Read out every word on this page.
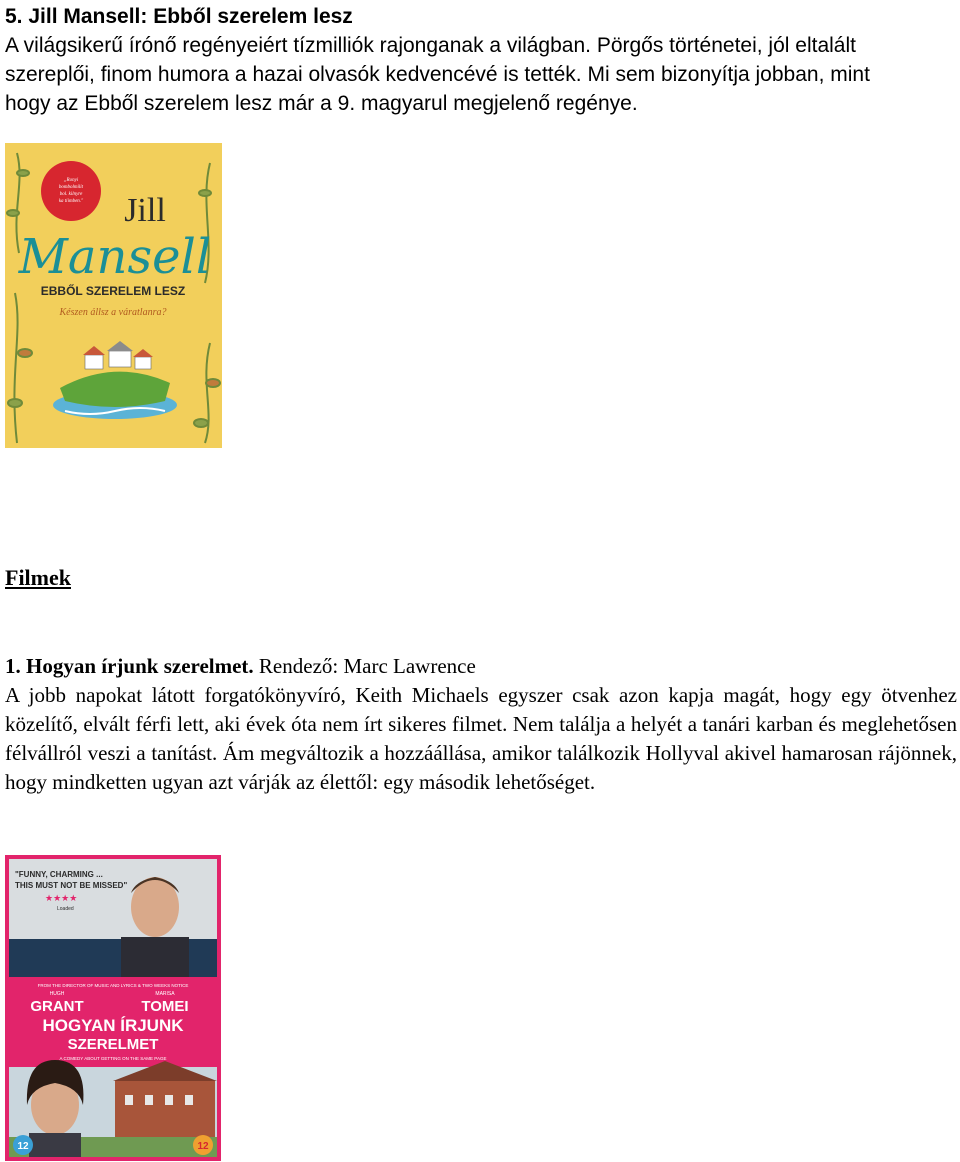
5. Jill Mansell: Ebből szerelem lesz
A világsikerű írónő regényeiért tízmilliók rajonganak a világban. Pörgős történetei, jól eltalált
szereplői, finom humora a hazai olvasók kedvencévé is tették. Mi sem bizonyítja jobban, mint
hogy az Ebből szerelem lesz már a 9. magyarul megjelenő regénye.
„Ronyi
bombolmilit
bol. kilnyre
ka tiimben." Jill
Mansell
EBBŐL SZERELEM LESZ
Készen állsz a váratlanra?
Filmek
1. Hogyan írjunk szerelmet. Rendező: Marc Lawrence
A jobb napokat látott forgatókönyvíró, Keith Michaels egyszer csak azon kapja magát, hogy egy ötvenhez közelítő, elvált férfi lett, aki évek óta nem írt sikeres filmet. Nem találja a helyét a tanári karban és meglehetősen félvállról veszi a tanítást. Ám megváltozik a hozzáállása, amikor találkozik Hollyval akivel hamarosan rájönnek, hogy mindketten ugyan azt várják az élettől: egy második lehetőséget.
"FUNNY, CHARMING ...
THIS MUST NOT BE MISSED"
★★★★
Loaded
FROM THE DIRECTOR OF MUSIC AND LYRICS & TWO WEEKS NOTICE
HUGH
GRANT
MARISA
TOMEI
HOGYAN ÍRJUNK
SZERELMET
A COMEDY ABOUT GETTING ON THE SAME PAGE
12	12
